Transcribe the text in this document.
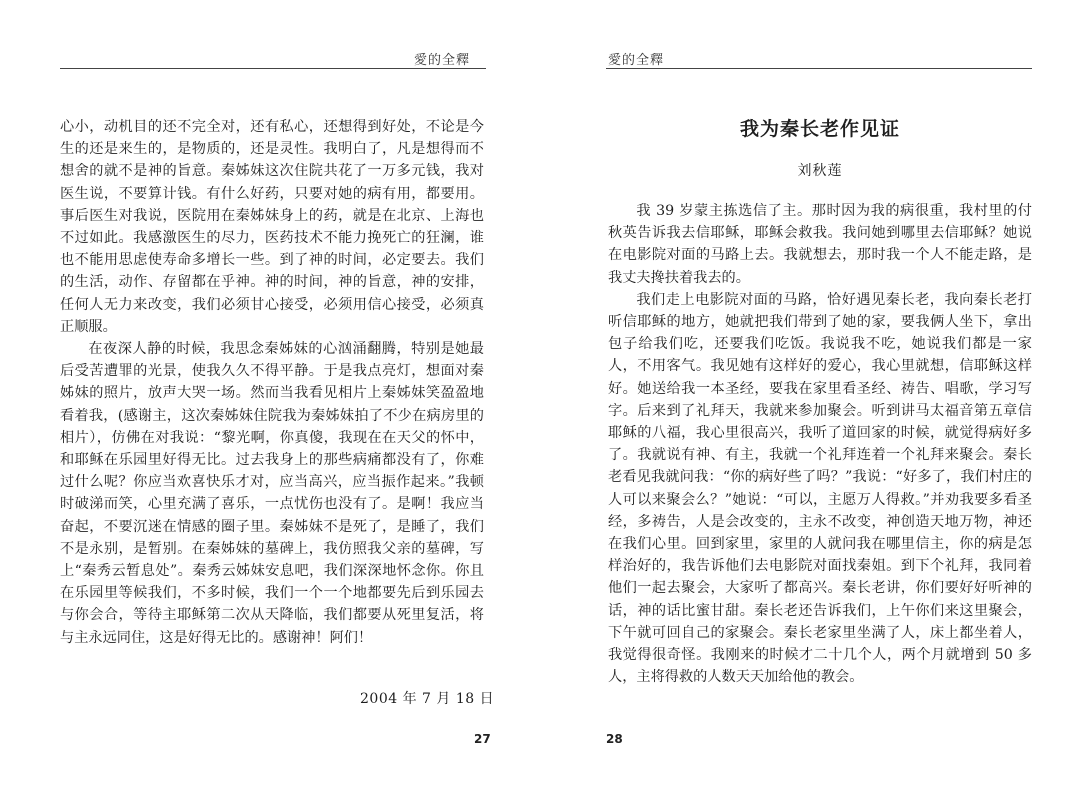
愛的全釋

心小，动机目的还不完全对，还有私心，还想得到好处，不论是今生的还是来生的，是物质的，还是灵性。我明白了，凡是想得而不想舍的就不是神的旨意。秦姊妹这次住院共花了一万多元钱，我对医生说，不要算计钱。有什么好药，只要对她的病有用，都要用。事后医生对我说，医院用在秦姊妹身上的药，就是在北京、上海也不过如此。我感激医生的尽力，医药技术不能力挽死亡的狂澜，谁也不能用思虑使寿命多增长一些。到了神的时间，必定要去。我们的生活，动作、存留都在乎神。神的时间，神的旨意，神的安排，任何人无力来改变，我们必须甘心接受，必须用信心接受，必须真正顺服。

在夜深人静的时候，我思念秦姊妹的心汹涌翻腾，特别是她最后受苦遭罪的光景，使我久久不得平静。于是我点亮灯，想面对秦姊妹的照片，放声大哭一场。然而当我看见相片上秦姊妹笑盈盈地看着我，(感谢主，这次秦姊妹住院我为秦姊妹拍了不少在病房里的相片），仿佛在对我说：“黎光啊，你真傻，我现在在天父的怀中，和耶稣在乐园里好得无比。过去我身上的那些病痛都没有了，你难过什么呢？你应当欢喜快乐才对，应当高兴，应当振作起来。”我顿时破涕而笑，心里充满了喜乐，一点忧伤也没有了。是啊！我应当奋起，不要沉迷在情感的圈子里。秦姊妹不是死了，是睡了，我们不是永别，是暂别。在秦姊妹的墓碑上，我仿照我父亲的墓碑，写上“秦秀云暂息处”。秦秀云姊妹安息吧，我们深深地怀念你。你且在乐园里等候我们，不多时候，我们一个一个地都要先后到乐园去与你会合，等待主耶稣第二次从天降临，我们都要从死里复活，将与主永远同住，这是好得无比的。感谢神！阿们！

2004 年 7 月 18 日
27
愛的全釋
我为秦长老作见证
刘秋莲

我 39 岁蒙主拣选信了主。那时因为我的病很重，我村里的付秋英告诉我去信耶稣，耶稣会救我。我问她到哪里去信耶稣？她说在电影院对面的马路上去。我就想去，那时我一个人不能走路，是我丈夫搀扶着我去的。

我们走上电影院对面的马路，恰好遇见秦长老，我向秦长老打听信耶稣的地方，她就把我们带到了她的家，要我俩人坐下，拿出包子给我们吃，还要我们吃饭。我说我不吃，她说我们都是一家人，不用客气。我见她有这样好的爱心，我心里就想，信耶稣这样好。她送给我一本圣经，要我在家里看圣经、祷告、唱歌，学习写字。后来到了礼拜天，我就来参加聚会。听到讲马太福音第五章信耶稣的八福，我心里很高兴，我听了道回家的时候，就觉得病好多了。我就说有神、有主，我就一个礼拜连着一个礼拜来聚会。秦长老看见我就问我：“你的病好些了吗？”我说：“好多了，我们村庄的人可以来聚会么？”她说：“可以，主愿万人得救。”并劝我要多看圣经，多祷告，人是会改变的，主永不改变，神创造天地万物，神还在我们心里。回到家里，家里的人就问我在哪里信主，你的病是怎样治好的，我告诉他们去电影院对面找秦姐。到下个礼拜，我同着他们一起去聚会，大家听了都高兴。秦长老讲，你们要好好听神的话，神的话比蜜甘甜。秦长老还告诉我们，上午你们来这里聚会，下午就可回自己的家聚会。秦长老家里坐满了人，床上都坐着人，我觉得很奇怪。我刚来的时候才二十几个人，两个月就增到 50 多人，主将得救的人数天天加给他的教会。

28
